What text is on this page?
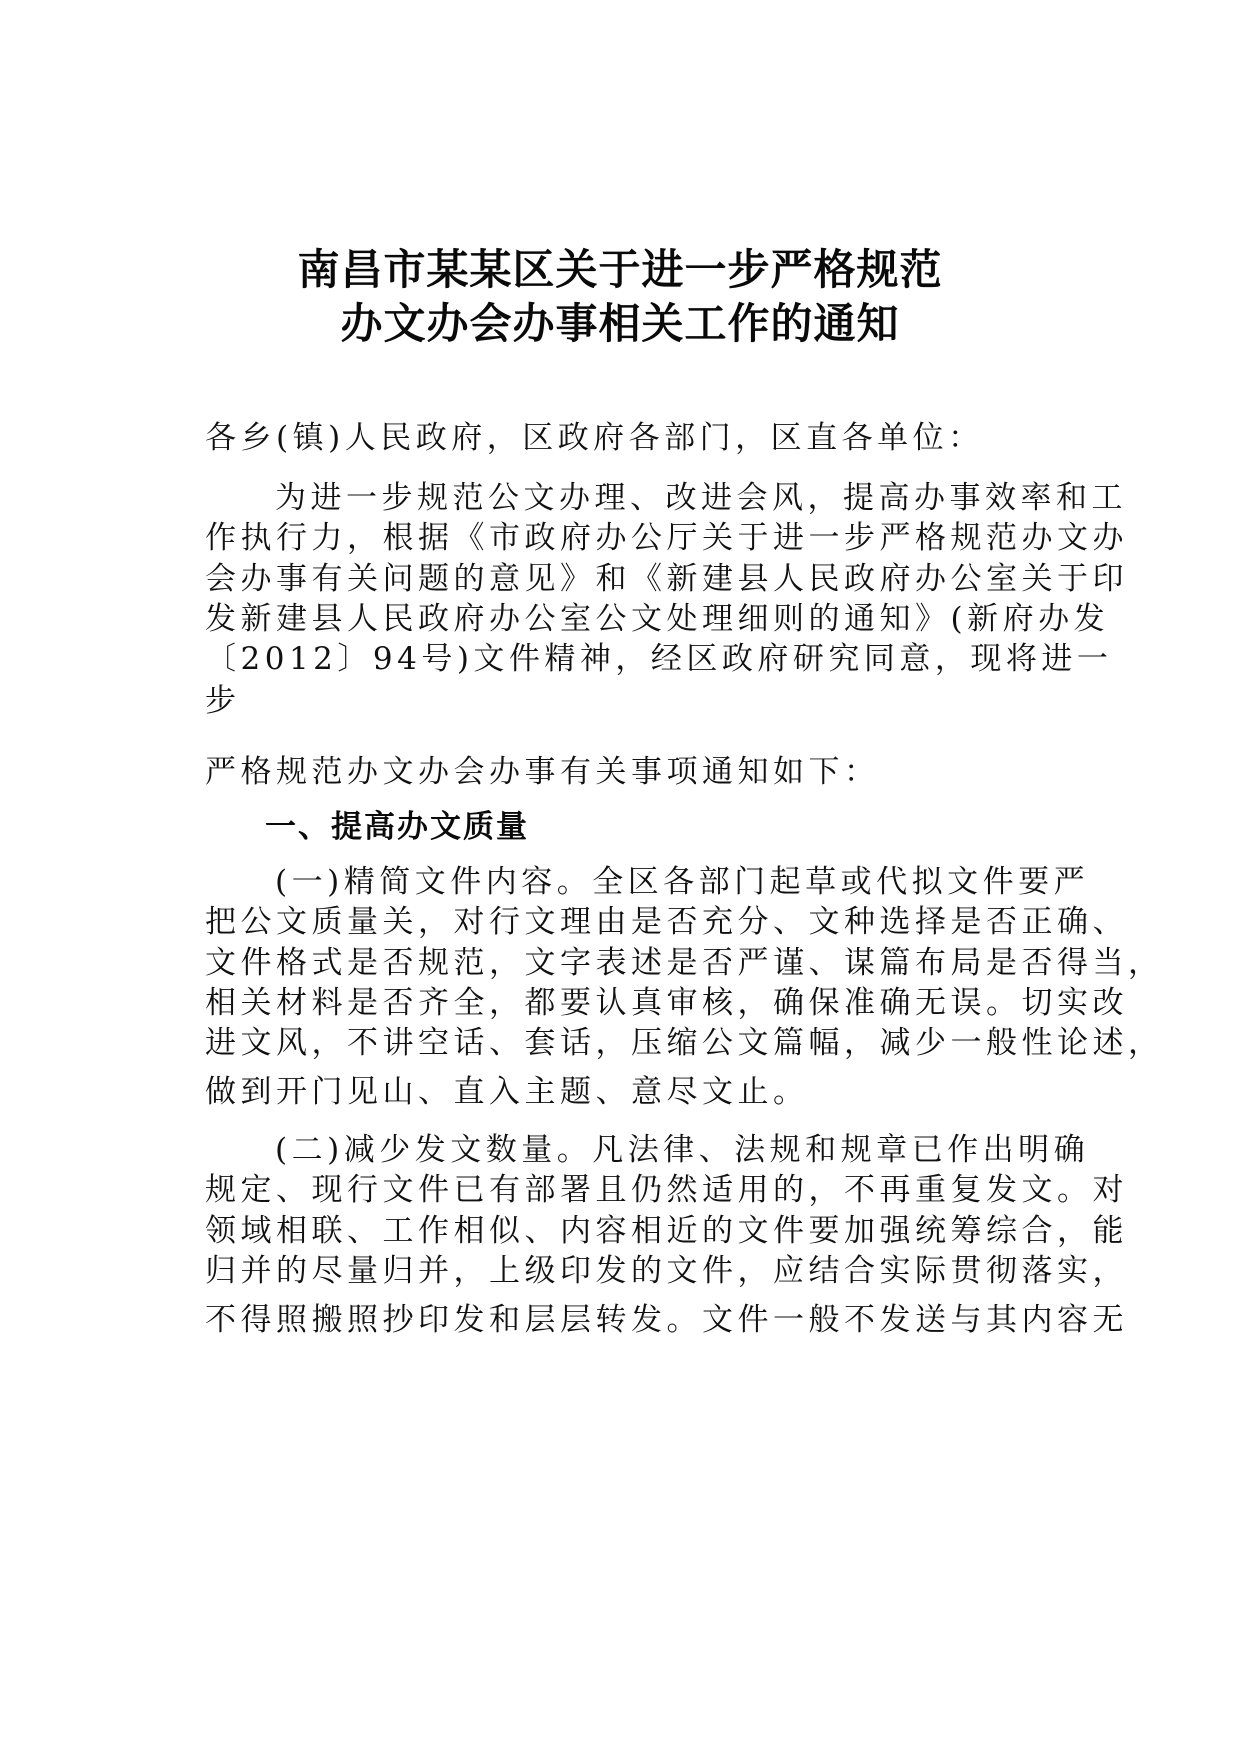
南昌市某某区关于进一步严格规范
办文办会办事相关工作的通知
各乡(镇)人民政府，区政府各部门，区直各单位：
为进一步规范公文办理、改进会风，提高办事效率和工
作执行力，根据《市政府办公厅关于进一步严格规范办文办
会办事有关问题的意见》和《新建县人民政府办公室关于印
发新建县人民政府办公室公文处理细则的通知》(新府办发
〔2012〕94号)文件精神，经区政府研究同意，现将进一
步
严格规范办文办会办事有关事项通知如下：
一、提高办文质量
(一)精简文件内容。全区各部门起草或代拟文件要严
把公文质量关，对行文理由是否充分、文种选择是否正确、
文件格式是否规范，文字表述是否严谨、谋篇布局是否得当，
相关材料是否齐全，都要认真审核，确保准确无误。切实改
进文风，不讲空话、套话，压缩公文篇幅，减少一般性论述，
做到开门见山、直入主题、意尽文止。
(二)减少发文数量。凡法律、法规和规章已作出明确
规定、现行文件已有部署且仍然适用的，不再重复发文。对
领域相联、工作相似、内容相近的文件要加强统筹综合，能
归并的尽量归并，上级印发的文件，应结合实际贯彻落实，
不得照搬照抄印发和层层转发。文件一般不发送与其内容无
